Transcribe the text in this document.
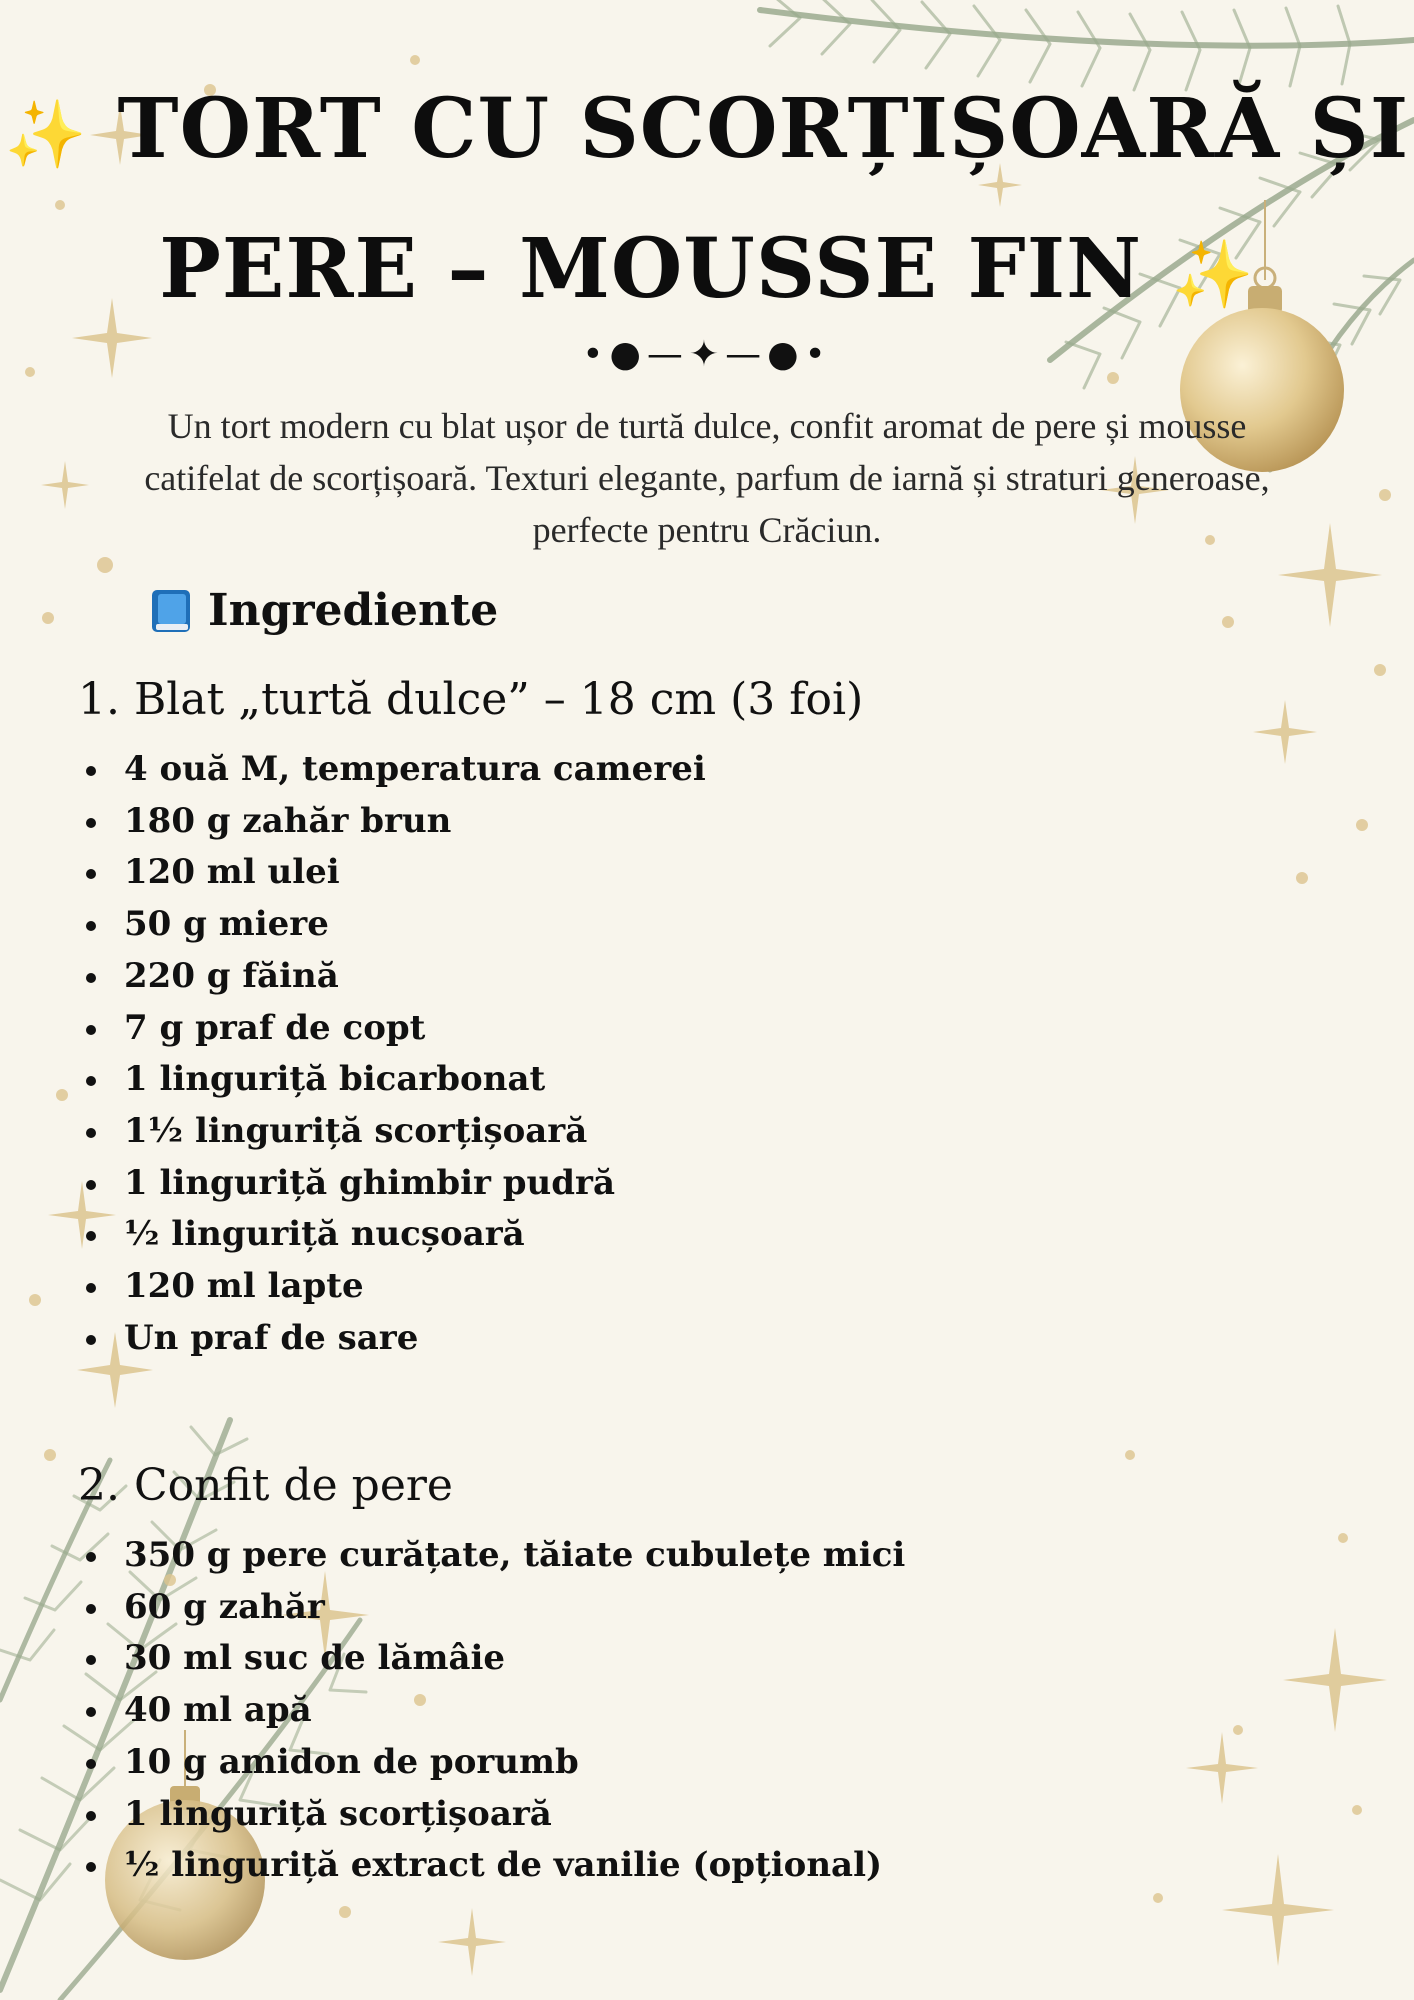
✨ TORT CU SCORȚIȘOARĂ ȘI
PERE – MOUSSE FIN ✨
•●—✦—●•

Un tort modern cu blat ușor de turtă dulce, confit aromat de pere și mousse catifelat de scorțișoară. Texturi elegante, parfum de iarnă și straturi generoase, perfecte pentru Crăciun.

Ingrediente
1. Blat „turtă dulce” – 18 cm (3 foi)
4 ouă M, temperatura camerei
180 g zahăr brun
120 ml ulei
50 g miere
220 g făină
7 g praf de copt
1 linguriță bicarbonat
1½ linguriță scorțișoară
1 linguriță ghimbir pudră
½ linguriță nucșoară
120 ml lapte
Un praf de sare
2. Confit de pere
350 g pere curățate, tăiate cubulețe mici
60 g zahăr
30 ml suc de lămâie
40 ml apă
10 g amidon de porumb
1 linguriță scorțișoară
½ linguriță extract de vanilie (opțional)
